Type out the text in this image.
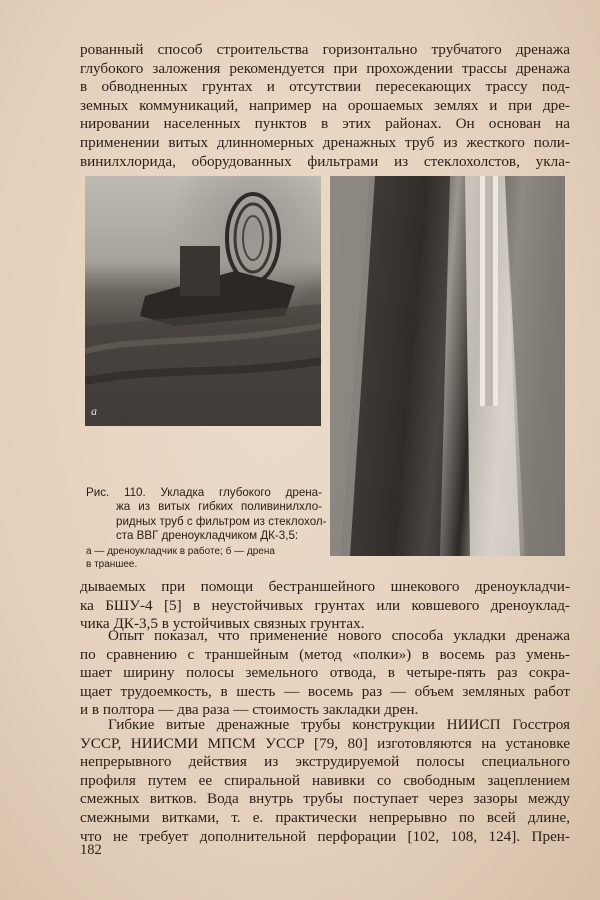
рованный способ строительства горизонтально трубчатого дренажа
глубокого заложения рекомендуется при прохождении трассы дренажа
в обводненных грунтах и отсутствии пересекающих трассу под-
земных коммуникаций, например на орошаемых землях и при дре-
нировании населенных пунктов в этих районах. Он основан на
применении витых длинномерных дренажных труб из жесткого поли-
винилхлорида, оборудованных фильтрами из стеклохолстов, укла-

а

Рис. 110. Укладка глубокого дрена-
жа из витых гибких поливинилхло-
ридных труб с фильтром из стеклохол-
ста ВВГ дреноукладчиком ДК-3,5:

а — дреноукладчик в работе; б — дрена
в траншее.

дываемых при помощи бестраншейного шнекового дреноукладчи-
ка БШУ-4 [5] в неустойчивых грунтах или ковшевого дреноуклад-
чика ДК-3,5 в устойчивых связных грунтах.

Опыт показал, что применение нового способа укладки дренажа
по сравнению с траншейным (метод «полки») в восемь раз умень-
шает ширину полосы земельного отвода, в четыре-пять раз сокра-
щает трудоемкость, в шесть — восемь раз — объем земляных работ
и в полтора — два раза — стоимость закладки дрен.

Гибкие витые дренажные трубы конструкции НИИСП Госстроя
УССР, НИИСМИ МПСМ УССР [79, 80] изготовляются на установке
непрерывного действия из экструдируемой полосы специального
профиля путем ее спиральной навивки со свободным зацеплением
смежных витков. Вода внутрь трубы поступает через зазоры между
смежными витками, т. е. практически непрерывно по всей длине,
что не требует дополнительной перфорации [102, 108, 124]. Прен-

182
